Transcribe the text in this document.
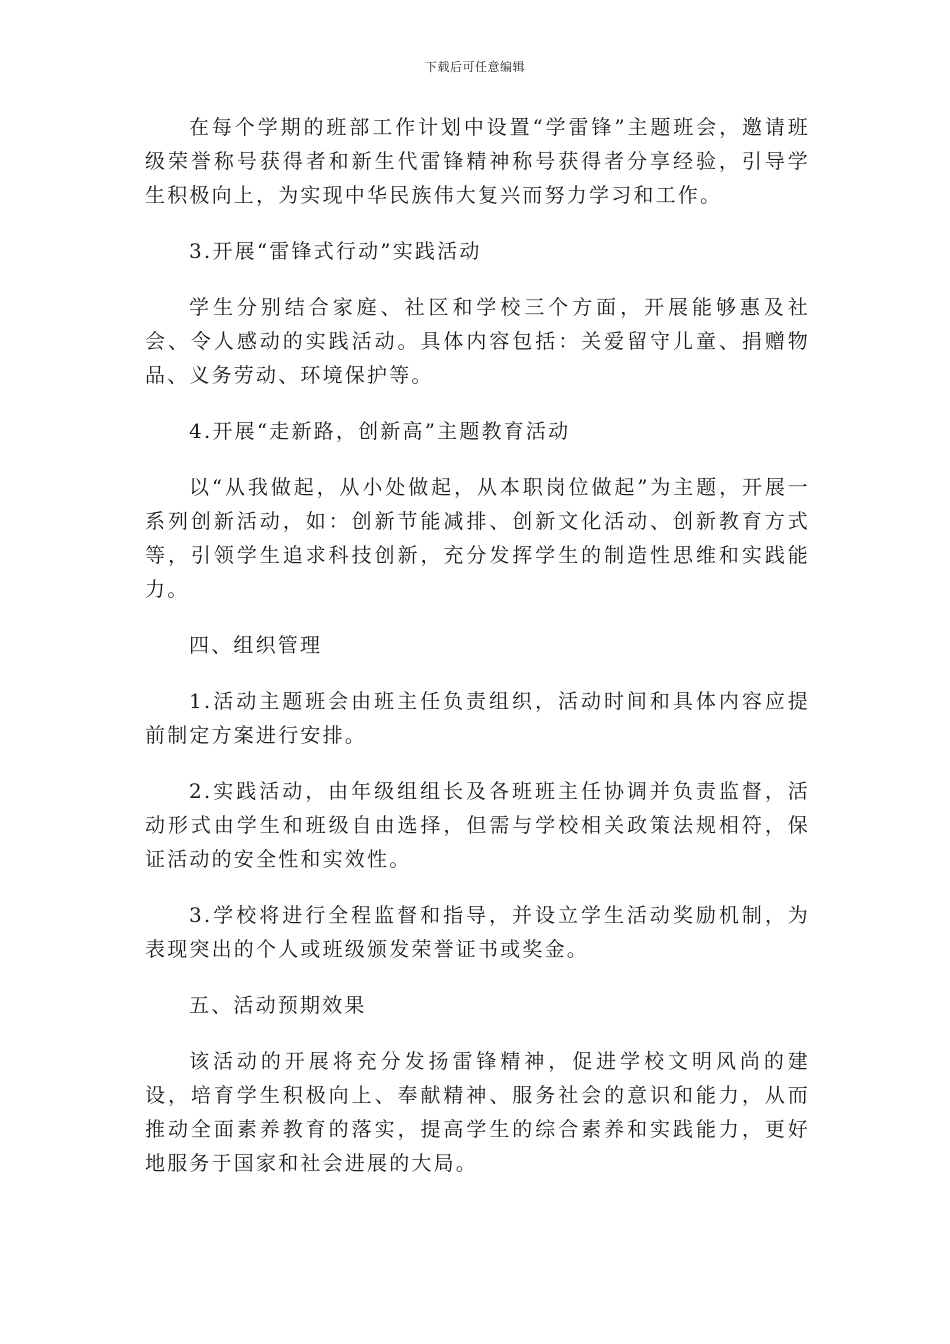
下载后可任意编辑

在每个学期的班部工作计划中设置“学雷锋”主题班会，邀请班级荣誉称号获得者和新生代雷锋精神称号获得者分享经验，引导学生积极向上，为实现中华民族伟大复兴而努力学习和工作。

3.开展“雷锋式行动”实践活动

学生分别结合家庭、社区和学校三个方面，开展能够惠及社会、令人感动的实践活动。具体内容包括：关爱留守儿童、捐赠物品、义务劳动、环境保护等。

4.开展“走新路，创新高”主题教育活动

以“从我做起，从小处做起，从本职岗位做起”为主题，开展一系列创新活动，如：创新节能减排、创新文化活动、创新教育方式等，引领学生追求科技创新，充分发挥学生的制造性思维和实践能力。

四、组织管理

1.活动主题班会由班主任负责组织，活动时间和具体内容应提前制定方案进行安排。

2.实践活动，由年级组组长及各班班主任协调并负责监督，活动形式由学生和班级自由选择，但需与学校相关政策法规相符，保证活动的安全性和实效性。

3.学校将进行全程监督和指导，并设立学生活动奖励机制，为表现突出的个人或班级颁发荣誉证书或奖金。

五、活动预期效果

该活动的开展将充分发扬雷锋精神，促进学校文明风尚的建设，培育学生积极向上、奉献精神、服务社会的意识和能力，从而推动全面素养教育的落实，提高学生的综合素养和实践能力，更好地服务于国家和社会进展的大局。
